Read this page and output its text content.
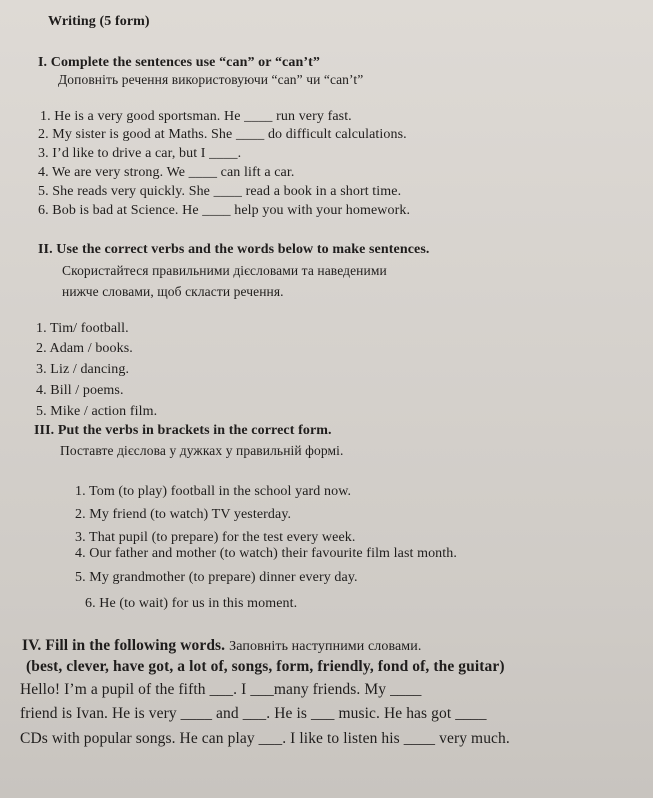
Writing (5 form)
I. Complete the sentences use “can” or “can’t”
Доповніть речення використовуючи “can” чи “can’t”
1. He is a very good sportsman. He ____ run very fast.
2. My sister is good at Maths. She ____ do difficult calculations.
3. I’d like to drive a car, but I ____.
4. We are very strong. We ____ can lift a car.
5. She reads very quickly. She ____ read a book in a short time.
6. Bob is bad at Science. He ____ help you with your homework.
II. Use the correct verbs and the words below to make sentences.
Скористайтеся правильними дієсловами та наведеними
нижче словами, щоб скласти речення.
1. Tim/ football.
2. Adam / books.
3. Liz / dancing.
4. Bill / poems.
5. Mike / action film.
III. Put the verbs in brackets in the correct form.
Поставте дієслова у дужках у правильній формі.
1. Tom (to play) football in the school yard now.
2. My friend (to watch) TV yesterday.
3. That pupil (to prepare) for the test every week.
4. Our father and mother (to watch) their favourite film last month.
5. My grandmother (to prepare) dinner every day.
6. He (to wait) for us in this moment.
IV. Fill in the following words. Заповніть наступними словами.
(best, clever, have got, a lot of, songs, form, friendly, fond of, the guitar)
Hello! I’m a pupil of the fifth ___. I ___many friends. My ____
friend is Ivan. He is very ____ and ___. He is ___ music. He has got ____
CDs with popular songs. He can play ___. I like to listen his ____ very much.
